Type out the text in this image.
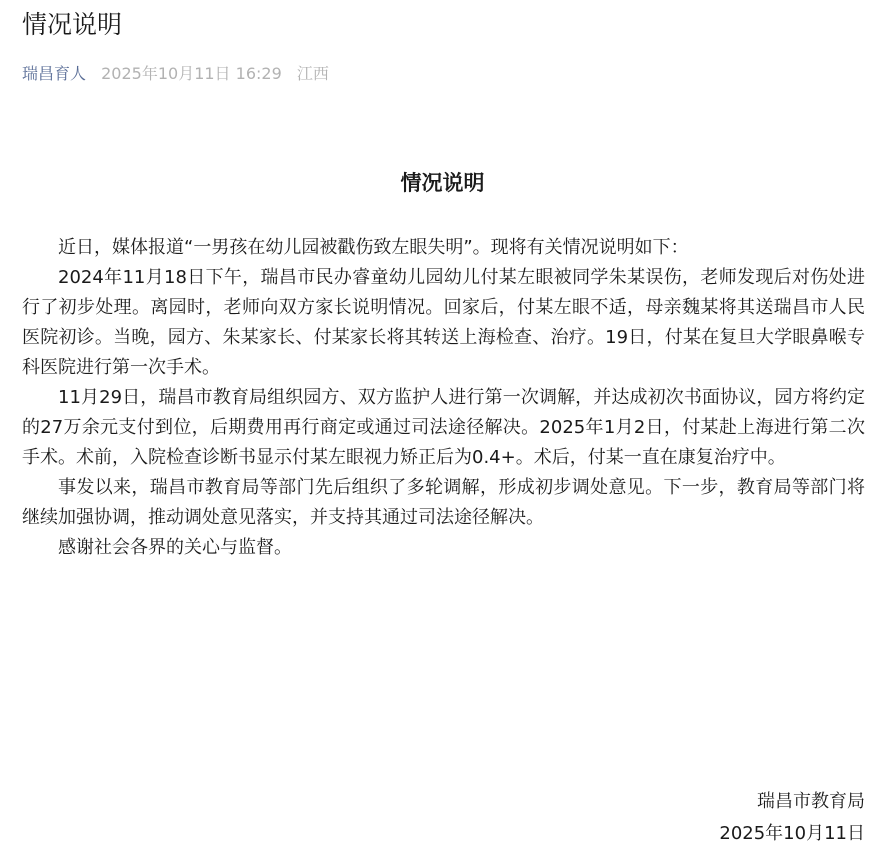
情况说明
瑞昌育人 2025年10月11日 16:29 江西
情况说明

近日，媒体报道“一男孩在幼儿园被戳伤致左眼失明”。现将有关情况说明如下：

2024年11月18日下午，瑞昌市民办睿童幼儿园幼儿付某左眼被同学朱某误伤，老师发现后对伤处进行了初步处理。离园时，老师向双方家长说明情况。回家后，付某左眼不适，母亲魏某将其送瑞昌市人民医院初诊。当晚，园方、朱某家长、付某家长将其转送上海检查、治疗。19日，付某在复旦大学眼鼻喉专科医院进行第一次手术。

11月29日，瑞昌市教育局组织园方、双方监护人进行第一次调解，并达成初次书面协议，园方将约定的27万余元支付到位，后期费用再行商定或通过司法途径解决。2025年1月2日，付某赴上海进行第二次手术。术前，入院检查诊断书显示付某左眼视力矫正后为0.4+。术后，付某一直在康复治疗中。

事发以来，瑞昌市教育局等部门先后组织了多轮调解，形成初步调处意见。下一步，教育局等部门将继续加强协调，推动调处意见落实，并支持其通过司法途径解决。

感谢社会各界的关心与监督。

瑞昌市教育局
2025年10月11日
